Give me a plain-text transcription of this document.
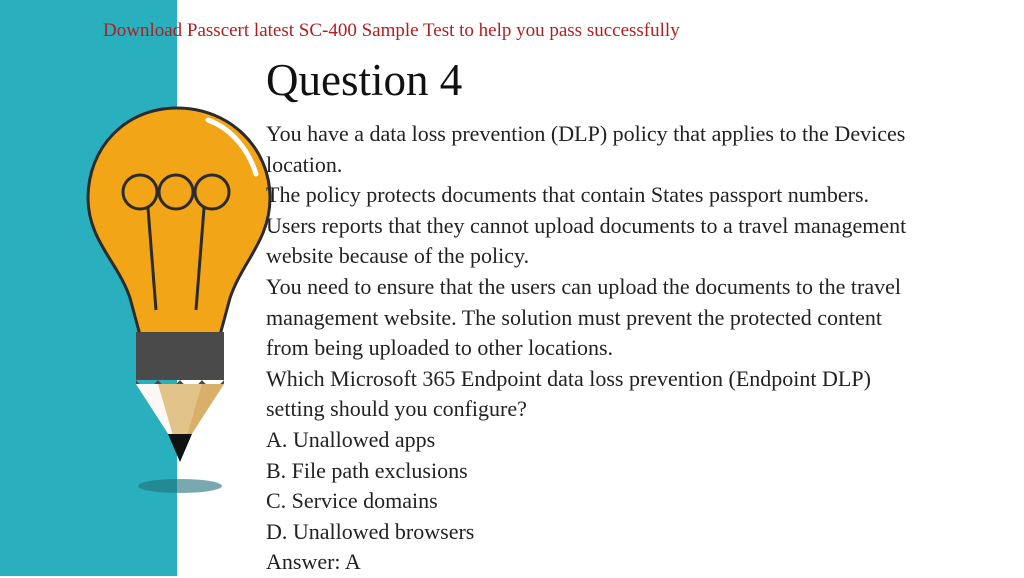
Download Passcert latest SC-400 Sample Test to help you pass successfully
Question 4
You have a data loss prevention (DLP) policy that applies to the Devices
location.
The policy protects documents that contain States passport numbers.
Users reports that they cannot upload documents to a travel management
website because of the policy.
You need to ensure that the users can upload the documents to the travel
management website. The solution must prevent the protected content
from being uploaded to other locations.
Which Microsoft 365 Endpoint data loss prevention (Endpoint DLP)
setting should you configure?
A. Unallowed apps
B. File path exclusions
C. Service domains
D. Unallowed browsers
Answer: A
